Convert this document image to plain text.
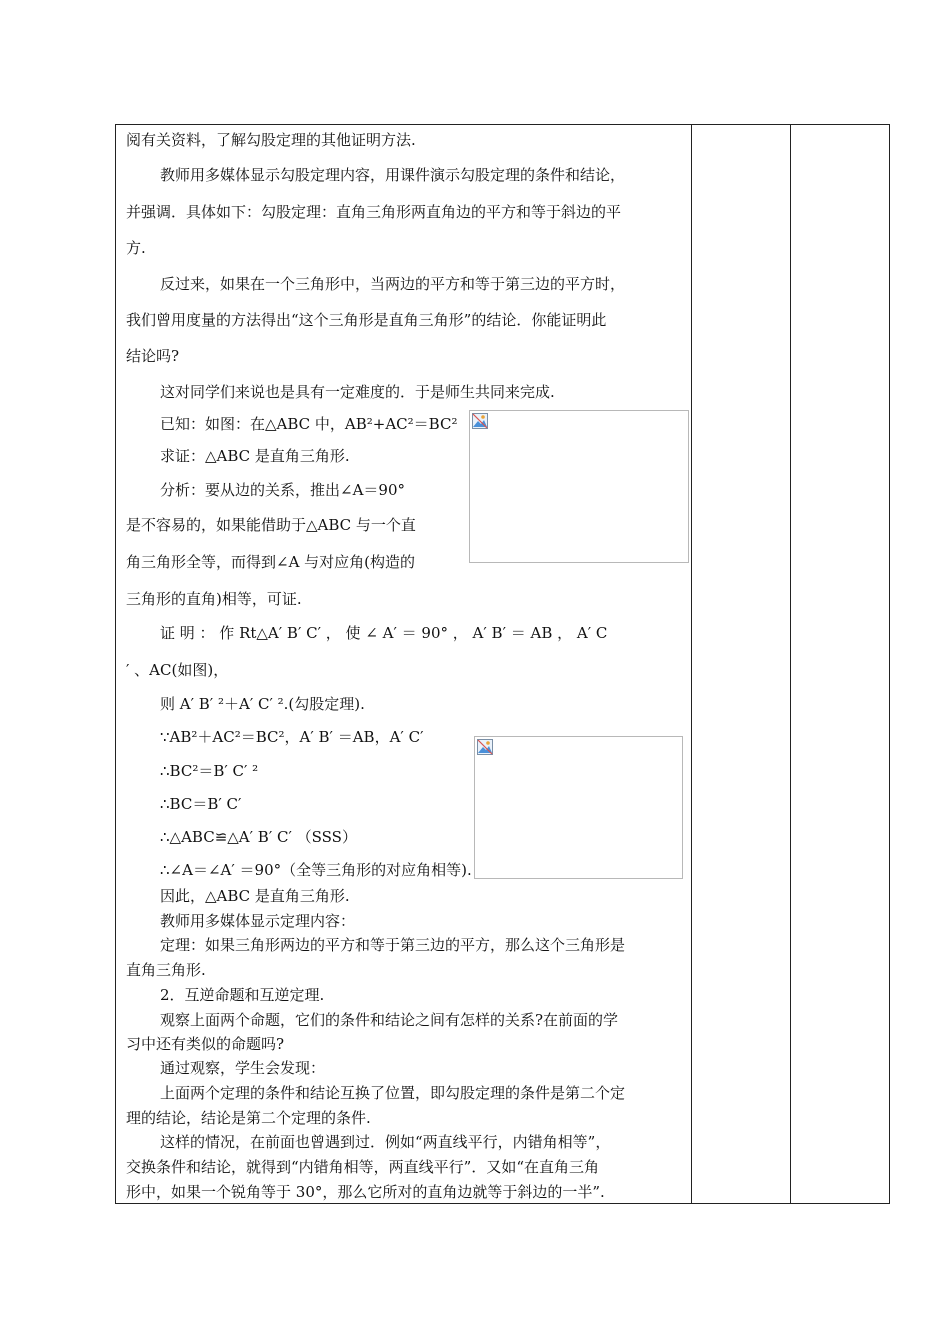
阅有关资料，了解勾股定理的其他证明方法.
教师用多媒体显示勾股定理内容，用课件演示勾股定理的条件和结论，
并强调．具体如下：勾股定理：直角三角形两直角边的平方和等于斜边的平
方.
反过来，如果在一个三角形中，当两边的平方和等于第三边的平方时，
我们曾用度量的方法得出“这个三角形是直角三角形”的结论．你能证明此
结论吗?
这对同学们来说也是具有一定难度的．于是师生共同来完成.
已知：如图：在△ABC 中，AB²+AC²＝BC²
求证：△ABC 是直角三角形.
分析：要从边的关系，推出∠A＝90°
是不容易的，如果能借助于△ABC 与一个直
角三角形全等，而得到∠A 与对应角(构造的
三角形的直角)相等，可证.
证 明 ： 作 Rt△A′ B′ C′ ， 使 ∠ A′ ＝ 90° ， A′ B′ ＝ AB ， A′ C
′ 、AC(如图)，
则 A′ B′ ²＋A′ C′ ².(勾股定理).
∵AB²＋AC²＝BC²，A′ B′ ＝AB，A′ C′
∴BC²＝B′ C′ ²
∴BC＝B′ C′
∴△ABC≌△A′ B′ C′ （SSS）
∴∠A＝∠A′ ＝90°（全等三角形的对应角相等).
因此，△ABC 是直角三角形.
教师用多媒体显示定理内容：
定理：如果三角形两边的平方和等于第三边的平方，那么这个三角形是
直角三角形.
2．互逆命题和互逆定理.
观察上面两个命题，它们的条件和结论之间有怎样的关系?在前面的学
习中还有类似的命题吗?
通过观察，学生会发现：
上面两个定理的条件和结论互换了位置，即勾股定理的条件是第二个定
理的结论，结论是第二个定理的条件.
这样的情况，在前面也曾遇到过．例如“两直线平行，内错角相等”，
交换条件和结论，就得到“内错角相等，两直线平行”．又如“在直角三角
形中，如果一个锐角等于 30°，那么它所对的直角边就等于斜边的一半”.
